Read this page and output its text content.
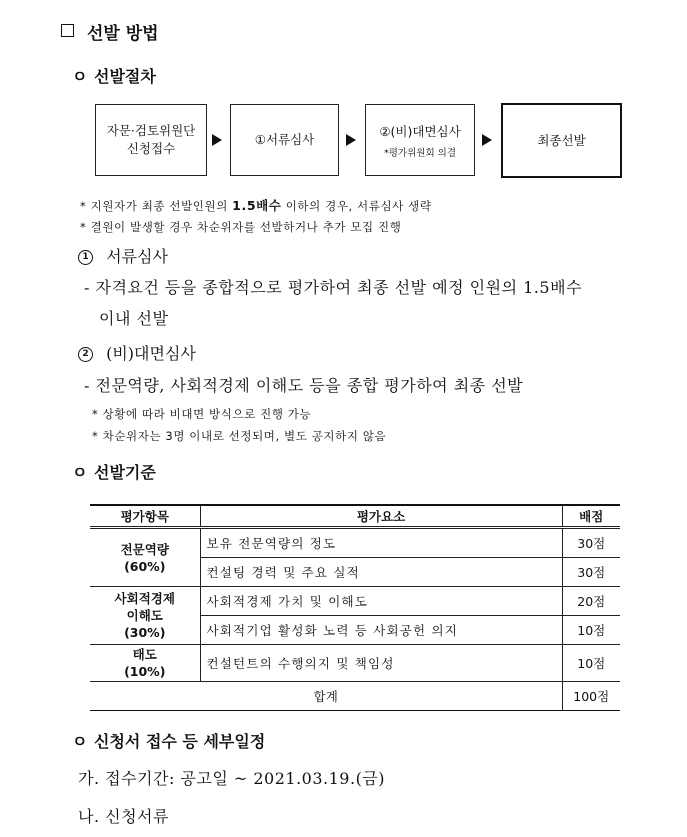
선발 방법
ㅇ 선발절차
자문·검토위원단
신청접수
①서류심사
②(비)대면심사
*평가위원회 의결
최종선발
* 지원자가 최종 선발인원의 1.5배수 이하의 경우, 서류심사 생략
* 결원이 발생할 경우 차순위자를 선발하거나 추가 모집 진행
1 서류심사
- 자격요건 등을 종합적으로 평가하여 최종 선발 예정 인원의 1.5배수
이내 선발
2 (비)대면심사
- 전문역량, 사회적경제 이해도 등을 종합 평가하여 최종 선발
* 상황에 따라 비대면 방식으로 진행 가능
* 차순위자는 3명 이내로 선정되며, 별도 공지하지 않음
ㅇ 선발기준
평가항목	평가요소	배점

전문역량
(60%)	보유 전문역량의 정도	30점
	컨설팅 경력 및 주요 실적	30점

사회적경제
이해도
(30%)	사회적경제 가치 및 이해도	20점
	사회적기업 활성화 노력 등 사회공헌 의지	10점

태도
(10%)	컨설턴트의 수행의지 및 책임성	10점
합계		100점
ㅇ 신청서 접수 등 세부일정
가. 접수기간: 공고일 ~ 2021.03.19.(금)
나. 신청서류
